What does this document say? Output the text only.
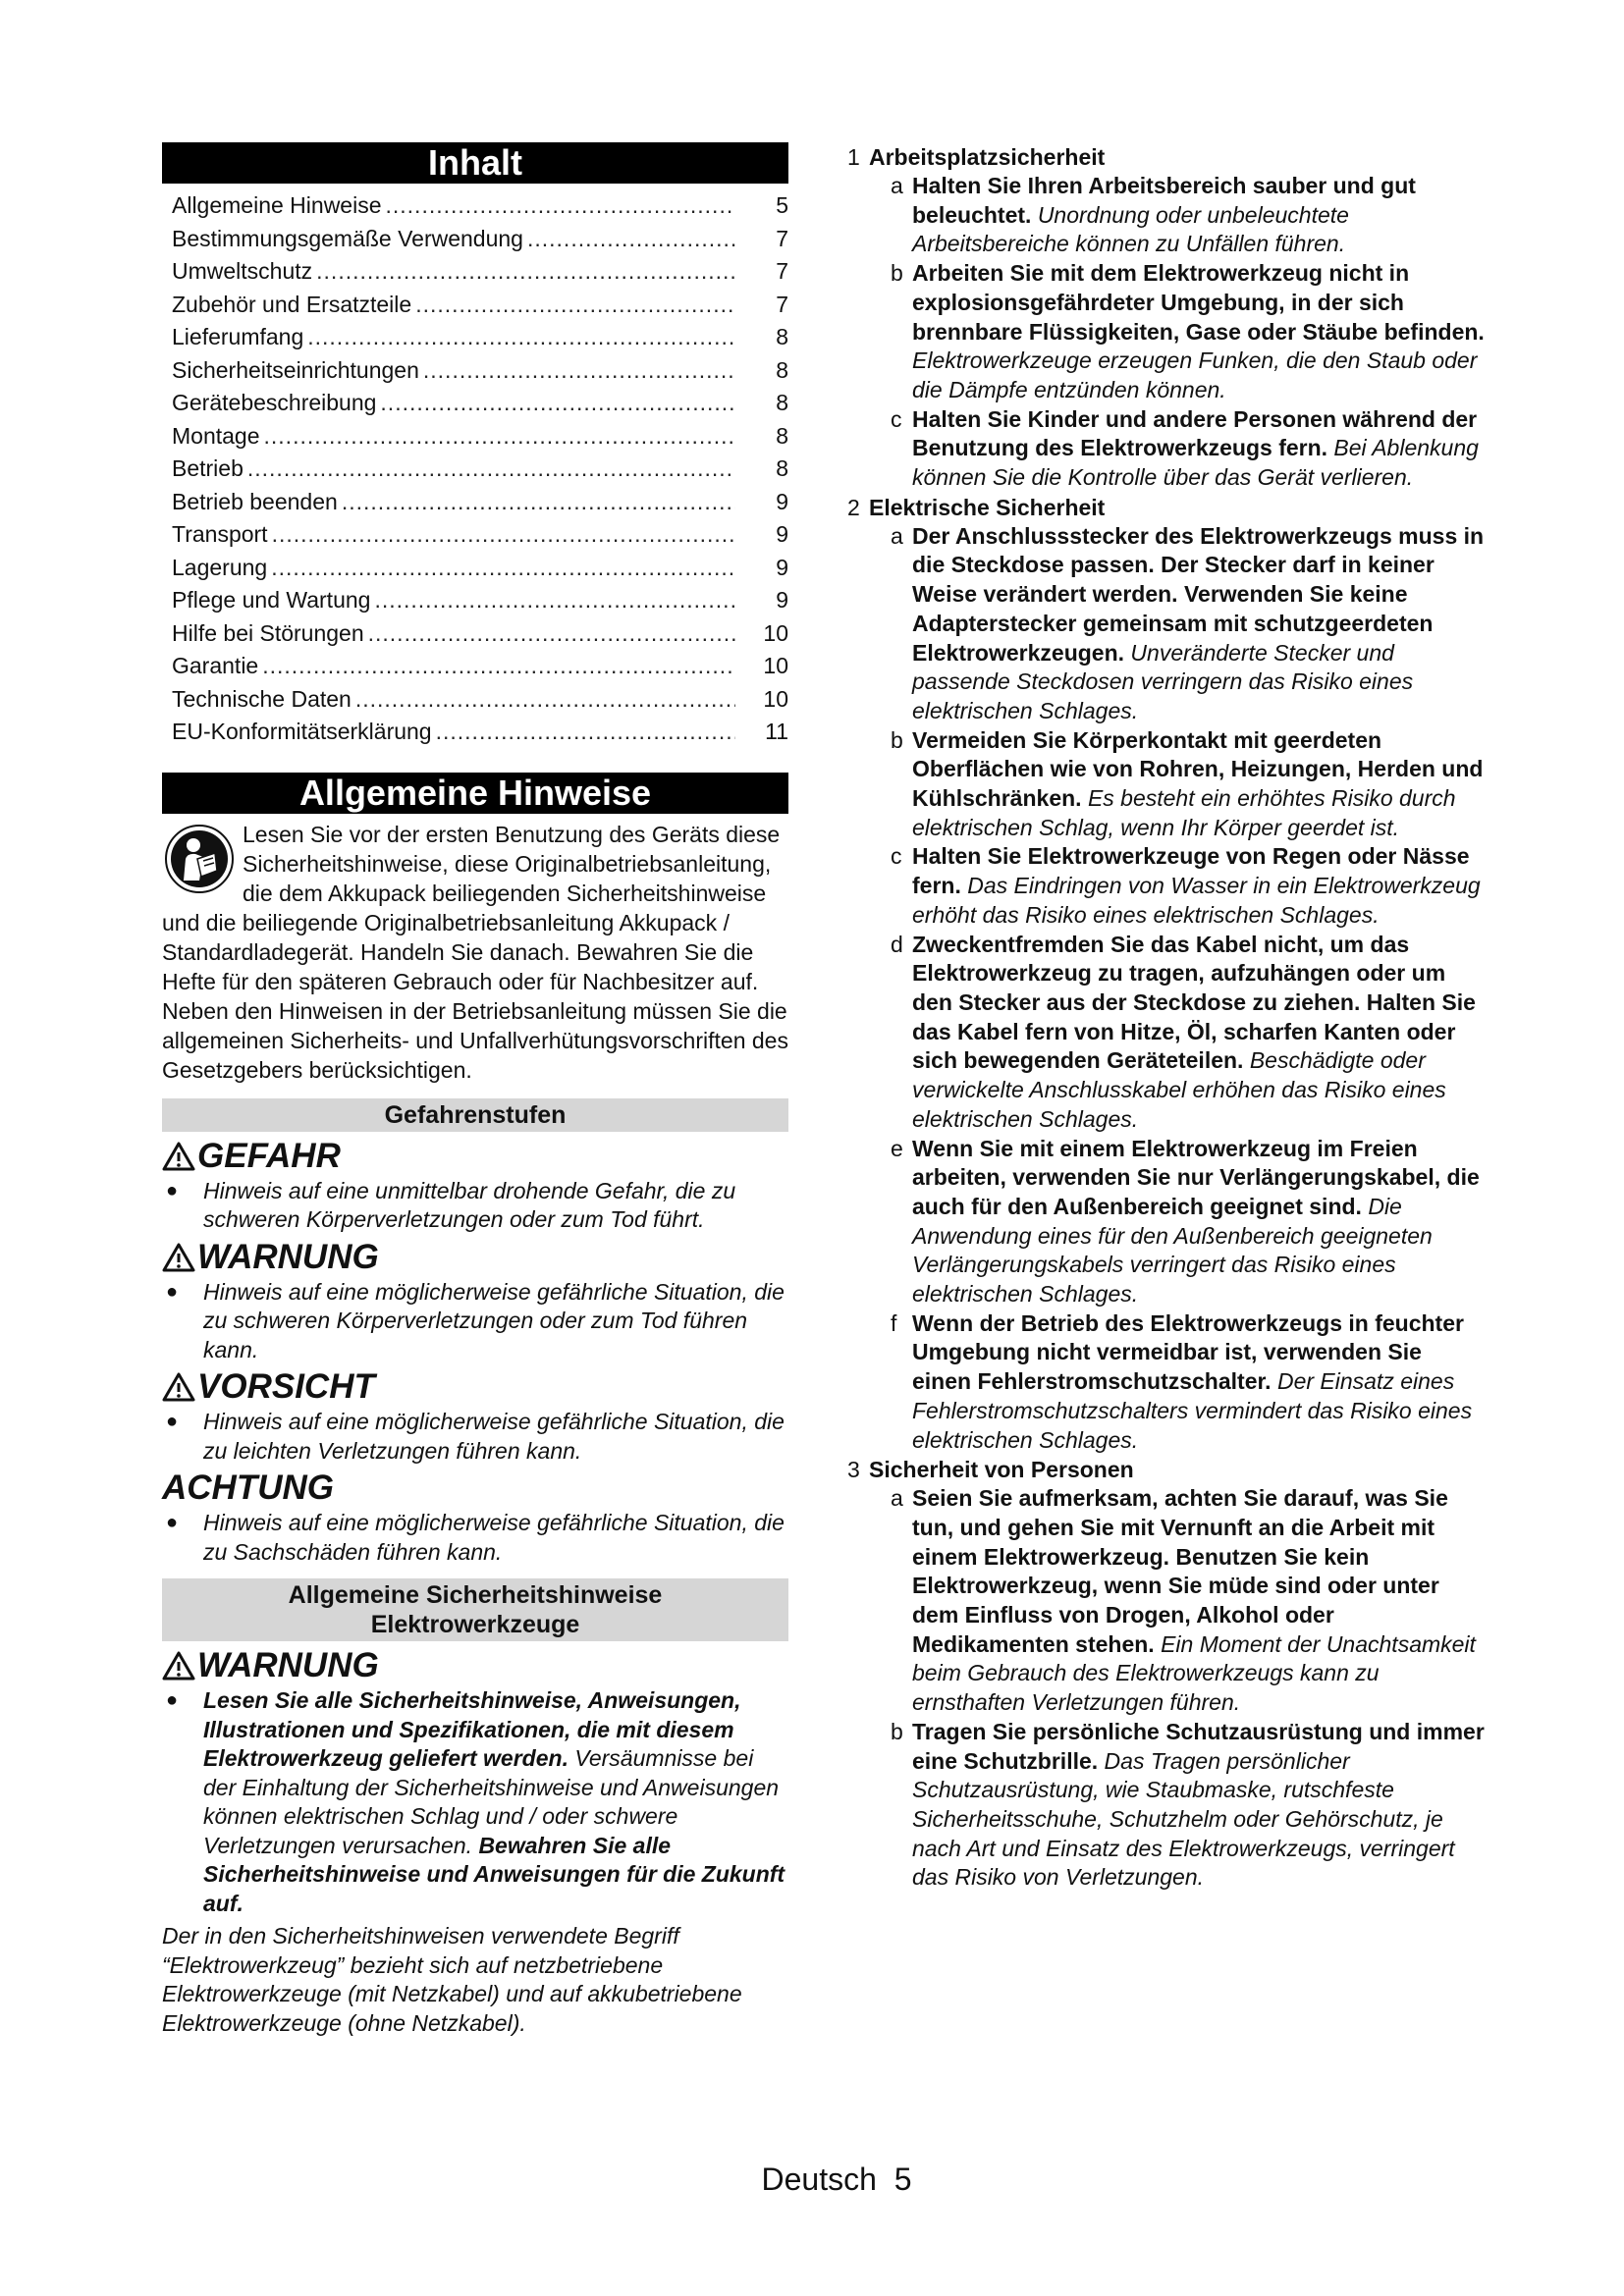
Inhalt
Allgemeine Hinweise .....	5
Bestimmungsgemäße Verwendung .....	7
Umweltschutz .....	7
Zubehör und Ersatzteile .....	7
Lieferumfang .....	8
Sicherheitseinrichtungen .....	8
Gerätebeschreibung .....	8
Montage .....	8
Betrieb .....	8
Betrieb beenden .....	9
Transport .....	9
Lagerung .....	9
Pflege und Wartung .....	9
Hilfe bei Störungen .....	10
Garantie .....	10
Technische Daten .....	10
EU-Konformitätserklärung .....	11
Allgemeine Hinweise
Lesen Sie vor der ersten Benutzung des Geräts diese Sicherheitshinweise, diese Originalbetriebsanleitung, die dem Akkupack beiliegenden Sicherheitshinweise und die beiliegende Originalbetriebsanleitung Akkupack / Standardladegerät. Handeln Sie danach. Bewahren Sie die Hefte für den späteren Gebrauch oder für Nachbesitzer auf. Neben den Hinweisen in der Betriebsanleitung müssen Sie die allgemeinen Sicherheits- und Unfallverhütungsvorschriften des Gesetzgebers berücksichtigen.
Gefahrenstufen
GEFAHR

● Hinweis auf eine unmittelbar drohende Gefahr, die zu schweren Körperverletzungen oder zum Tod führt.

WARNUNG

● Hinweis auf eine möglicherweise gefährliche Situation, die zu schweren Körperverletzungen oder zum Tod führen kann.

VORSICHT

● Hinweis auf eine möglicherweise gefährliche Situation, die zu leichten Verletzungen führen kann.

ACHTUNG

● Hinweis auf eine möglicherweise gefährliche Situation, die zu Sachschäden führen kann.

Allgemeine Sicherheitshinweise
Elektrowerkzeuge
WARNUNG

● Lesen Sie alle Sicherheitshinweise, Anweisungen, Illustrationen und Spezifikationen, die mit diesem Elektrowerkzeug geliefert werden. Versäumnisse bei der Einhaltung der Sicherheitshinweise und Anweisungen können elektrischen Schlag und / oder schwere Verletzungen verursachen. Bewahren Sie alle Sicherheitshinweise und Anweisungen für die Zukunft auf.

Der in den Sicherheitshinweisen verwendete Begriff “Elektrowerkzeug” bezieht sich auf netzbetriebene Elektrowerkzeuge (mit Netzkabel) und auf akkubetriebene Elektrowerkzeuge (ohne Netzkabel).

1 Arbeitsplatzsicherheit

a Halten Sie Ihren Arbeitsbereich sauber und gut beleuchtet. Unordnung oder unbeleuchtete Arbeitsbereiche können zu Unfällen führen.

b Arbeiten Sie mit dem Elektrowerkzeug nicht in explosionsgefährdeter Umgebung, in der sich brennbare Flüssigkeiten, Gase oder Stäube befinden. Elektrowerkzeuge erzeugen Funken, die den Staub oder die Dämpfe entzünden können.

c Halten Sie Kinder und andere Personen während der Benutzung des Elektrowerkzeugs fern. Bei Ablenkung können Sie die Kontrolle über das Gerät verlieren.

2 Elektrische Sicherheit

a Der Anschlussstecker des Elektrowerkzeugs muss in die Steckdose passen. Der Stecker darf in keiner Weise verändert werden. Verwenden Sie keine Adapterstecker gemeinsam mit schutzgeerdeten Elektrowerkzeugen. Unveränderte Stecker und passende Steckdosen verringern das Risiko eines elektrischen Schlages.

b Vermeiden Sie Körperkontakt mit geerdeten Oberflächen wie von Rohren, Heizungen, Herden und Kühlschränken. Es besteht ein erhöhtes Risiko durch elektrischen Schlag, wenn Ihr Körper geerdet ist.

c Halten Sie Elektrowerkzeuge von Regen oder Nässe fern. Das Eindringen von Wasser in ein Elektrowerkzeug erhöht das Risiko eines elektrischen Schlages.

d Zweckentfremden Sie das Kabel nicht, um das Elektrowerkzeug zu tragen, aufzuhängen oder um den Stecker aus der Steckdose zu ziehen. Halten Sie das Kabel fern von Hitze, Öl, scharfen Kanten oder sich bewegenden Geräteteilen. Beschädigte oder verwickelte Anschlusskabel erhöhen das Risiko eines elektrischen Schlages.

e Wenn Sie mit einem Elektrowerkzeug im Freien arbeiten, verwenden Sie nur Verlängerungskabel, die auch für den Außenbereich geeignet sind. Die Anwendung eines für den Außenbereich geeigneten Verlängerungskabels verringert das Risiko eines elektrischen Schlages.

f Wenn der Betrieb des Elektrowerkzeugs in feuchter Umgebung nicht vermeidbar ist, verwenden Sie einen Fehlerstromschutzschalter. Der Einsatz eines Fehlerstromschutzschalters vermindert das Risiko eines elektrischen Schlages.

3 Sicherheit von Personen

a Seien Sie aufmerksam, achten Sie darauf, was Sie tun, und gehen Sie mit Vernunft an die Arbeit mit einem Elektrowerkzeug. Benutzen Sie kein Elektrowerkzeug, wenn Sie müde sind oder unter dem Einfluss von Drogen, Alkohol oder Medikamenten stehen. Ein Moment der Unachtsamkeit beim Gebrauch des Elektrowerkzeugs kann zu ernsthaften Verletzungen führen.

b Tragen Sie persönliche Schutzausrüstung und immer eine Schutzbrille. Das Tragen persönlicher Schutzausrüstung, wie Staubmaske, rutschfeste Sicherheitsschuhe, Schutzhelm oder Gehörschutz, je nach Art und Einsatz des Elektrowerkzeugs, verringert das Risiko von Verletzungen.

Deutsch 5
